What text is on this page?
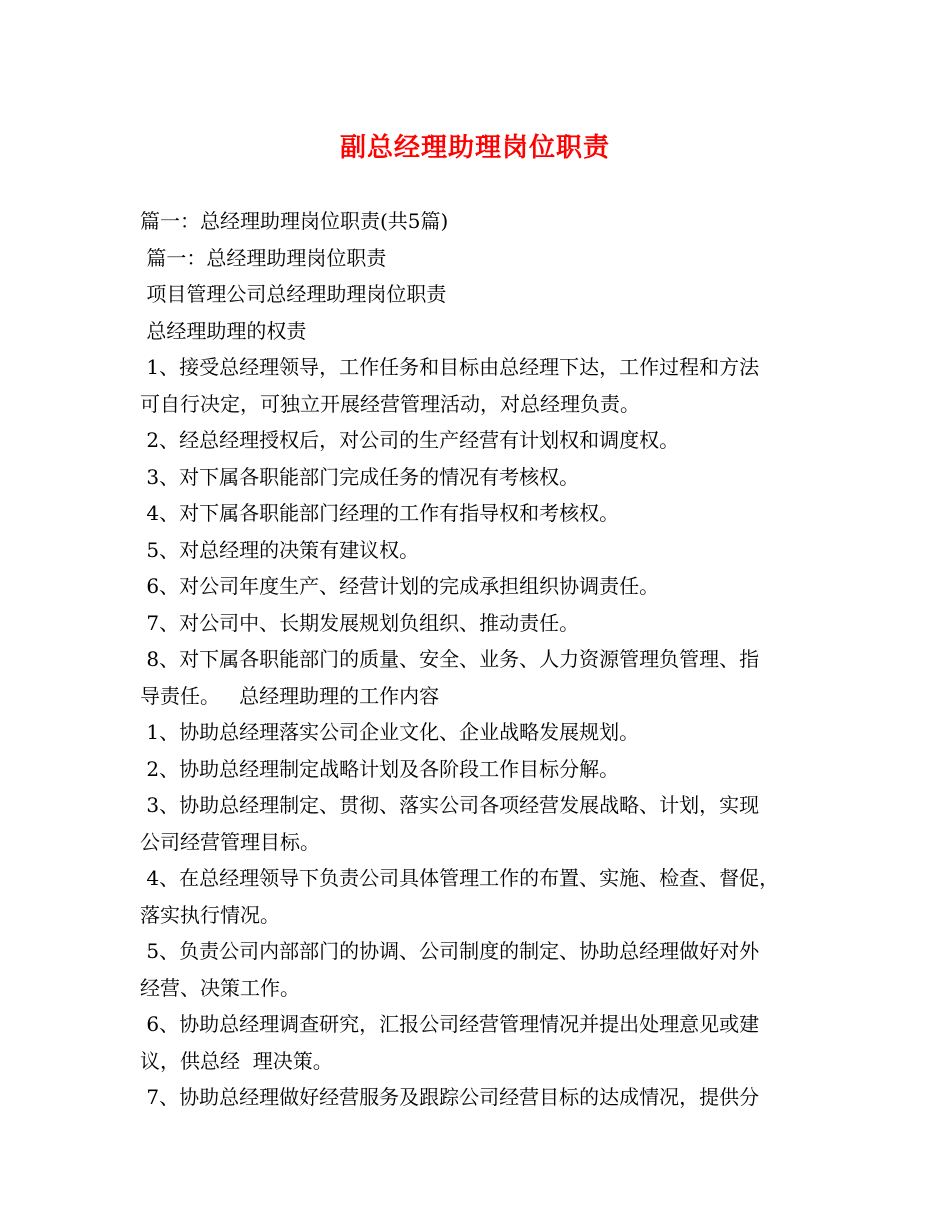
副总经理助理岗位职责
篇一：总经理助理岗位职责(共5篇)
篇一：总经理助理岗位职责
项目管理公司总经理助理岗位职责
总经理助理的权责
1、接受总经理领导，工作任务和目标由总经理下达，工作过程和方法
可自行决定，可独立开展经营管理活动，对总经理负责。
2、经总经理授权后，对公司的生产经营有计划权和调度权。
3、对下属各职能部门完成任务的情况有考核权。
4、对下属各职能部门经理的工作有指导权和考核权。
5、对总经理的决策有建议权。
6、对公司年度生产、经营计划的完成承担组织协调责任。
7、对公司中、长期发展规划负组织、推动责任。
8、对下属各职能部门的质量、安全、业务、人力资源管理负管理、指
导责任。   总经理助理的工作内容
1、协助总经理落实公司企业文化、企业战略发展规划。
2、协助总经理制定战略计划及各阶段工作目标分解。
3、协助总经理制定、贯彻、落实公司各项经营发展战略、计划，实现
公司经营管理目标。
4、在总经理领导下负责公司具体管理工作的布置、实施、检查、督促，
落实执行情况。
5、负责公司内部部门的协调、公司制度的制定、协助总经理做好对外
经营、决策工作。
6、协助总经理调查研究，汇报公司经营管理情况并提出处理意见或建
议，供总经  理决策。
7、协助总经理做好经营服务及跟踪公司经营目标的达成情况，提供分
